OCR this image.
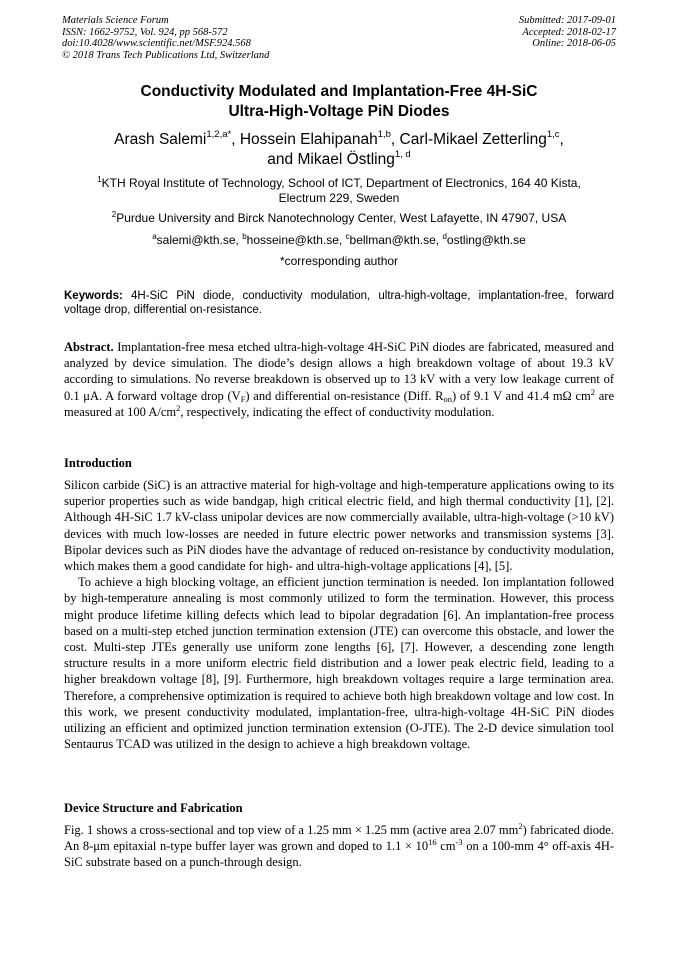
Materials Science Forum
ISSN: 1662-9752, Vol. 924, pp 568-572
doi:10.4028/www.scientific.net/MSF.924.568
© 2018 Trans Tech Publications Ltd, Switzerland
Submitted: 2017-09-01
Accepted: 2018-02-17
Online: 2018-06-05
Conductivity Modulated and Implantation-Free 4H-SiC
Ultra-High-Voltage PiN Diodes
Arash Salemi$^{1,2,a*}$, Hossein Elahipanah$^{1,b}$, Carl-Mikael Zetterling$^{1,c}$,
and Mikael Östling$^{1, d}$
$^1$KTH Royal Institute of Technology, School of ICT, Department of Electronics, 164 40 Kista,
Electrum 229, Sweden
$^2$Purdue University and Birck Nanotechnology Center, West Lafayette, IN 47907, USA
$^a$salemi@kth.se, $^b$hosseine@kth.se, $^c$bellman@kth.se, $^d$ostling@kth.se
*corresponding author
Keywords: 4H-SiC PiN diode, conductivity modulation, ultra-high-voltage, implantation-free, forward voltage drop, differential on-resistance.

Abstract. Implantation-free mesa etched ultra-high-voltage 4H-SiC PiN diodes are fabricated, measured and analyzed by device simulation. The diode’s design allows a high breakdown voltage of about 19.3 kV according to simulations. No reverse breakdown is observed up to 13 kV with a very low leakage current of 0.1 μA. A forward voltage drop $(V_F)$ and differential on-resistance (Diff. $R_{on}$) of 9.1 V and 41.4 mΩ $cm^2$ are measured at 100 $A/cm^2$, respectively, indicating the effect of conductivity modulation.

Introduction

Silicon carbide (SiC) is an attractive material for high-voltage and high-temperature applications owing to its superior properties such as wide bandgap, high critical electric field, and high thermal conductivity [1], [2]. Although 4H-SiC 1.7 kV-class unipolar devices are now commercially available, ultra-high-voltage (>10 kV) devices with much low-losses are needed in future electric power networks and transmission systems [3]. Bipolar devices such as PiN diodes have the advantage of reduced on-resistance by conductivity modulation, which makes them a good candidate for high- and ultra-high-voltage applications [4], [5].

To achieve a high blocking voltage, an efficient junction termination is needed. Ion implantation followed by high-temperature annealing is most commonly utilized to form the termination. However, this process might produce lifetime killing defects which lead to bipolar degradation [6]. An implantation-free process based on a multi-step etched junction termination extension (JTE) can overcome this obstacle, and lower the cost. Multi-step JTEs generally use uniform zone lengths [6], [7]. However, a descending zone length structure results in a more uniform electric field distribution and a lower peak electric field, leading to a higher breakdown voltage [8], [9]. Furthermore, high breakdown voltages require a large termination area. Therefore, a comprehensive optimization is required to achieve both high breakdown voltage and low cost. In this work, we present conductivity modulated, implantation-free, ultra-high-voltage 4H-SiC PiN diodes utilizing an efficient and optimized junction termination extension (O-JTE). The 2-D device simulation tool Sentaurus TCAD was utilized in the design to achieve a high breakdown voltage.

Device Structure and Fabrication

Fig. 1 shows a cross-sectional and top view of a 1.25 mm × 1.25 mm (active area 2.07 $mm^2$) fabricated diode. An 8-μm epitaxial n-type buffer layer was grown and doped to $1.1 \times 10^{16}$ $cm^{-3}$ on a 100-mm 4° off-axis 4H-SiC substrate based on a punch-through design.
